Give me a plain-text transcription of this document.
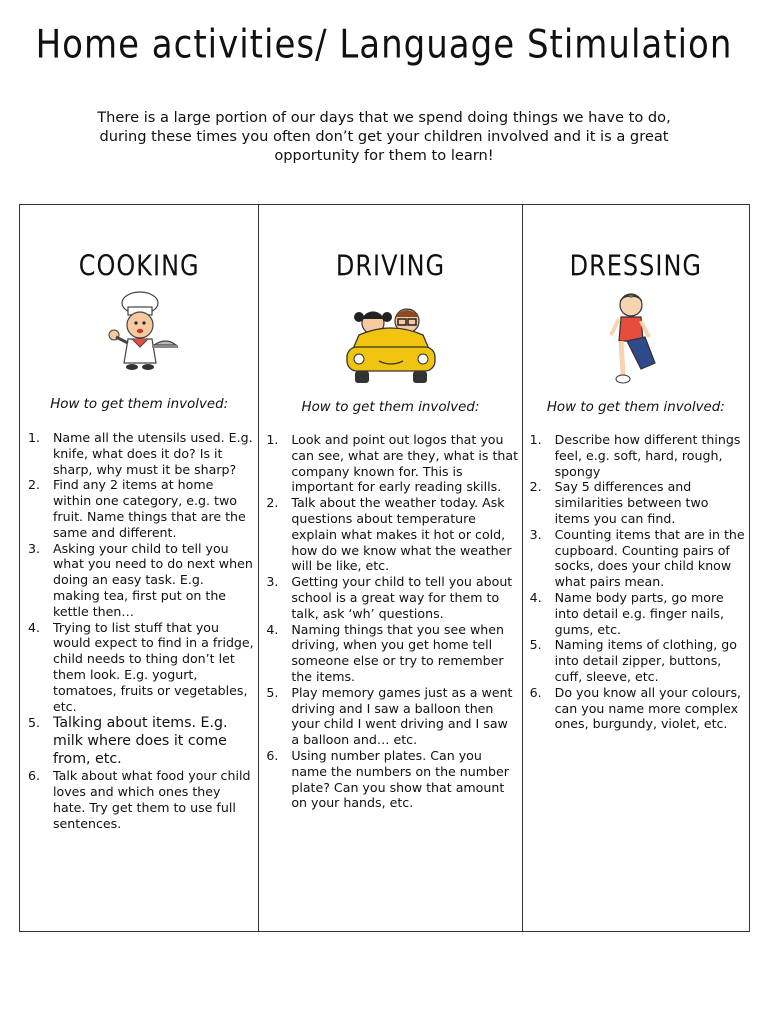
Home activities/ Language Stimulation
There is a large portion of our days that we spend doing things we have to do, during these times you often don’t get your children involved and it is a great opportunity for them to learn!
COOKING
How to get them involved:
1. Name all the utensils used. E.g. knife, what does it do? Is it sharp, why must it be sharp?
2. Find any 2 items at home within one category, e.g. two fruit. Name things that are the same and different.
3. Asking your child to tell you what you need to do next when doing an easy task. E.g. making tea, first put on the kettle then…
4. Trying to list stuff that you would expect to find in a fridge, child needs to thing don’t let them look. E.g. yogurt, tomatoes, fruits or vegetables, etc.
5. Talking about items. E.g. milk where does it come from, etc.
6. Talk about what food your child loves and which ones they hate. Try get them to use full sentences.
DRIVING
How to get them involved:
1. Look and point out logos that you can see, what are they, what is that company known for. This is important for early reading skills.
2. Talk about the weather today. Ask questions about temperature explain what makes it hot or cold, how do we know what the weather will be like, etc.
3. Getting your child to tell you about school is a great way for them to talk, ask ‘wh’ questions.
4. Naming things that you see when driving, when you get home tell someone else or try to remember the items.
5. Play memory games just as a went driving and I saw a balloon then your child I went driving and I saw a balloon and… etc.
6. Using number plates. Can you name the numbers on the number plate? Can you show that amount on your hands, etc.
DRESSING
How to get them involved:
1. Describe how different things feel, e.g. soft, hard, rough, spongy
2. Say 5 differences and similarities between two items you can find.
3. Counting items that are in the cupboard. Counting pairs of socks, does your child know what pairs mean.
4. Name body parts, go more into detail e.g. finger nails, gums, etc.
5. Naming items of clothing, go into detail zipper, buttons, cuff, sleeve, etc.
6. Do you know all your colours, can you name more complex ones, burgundy, violet, etc.
